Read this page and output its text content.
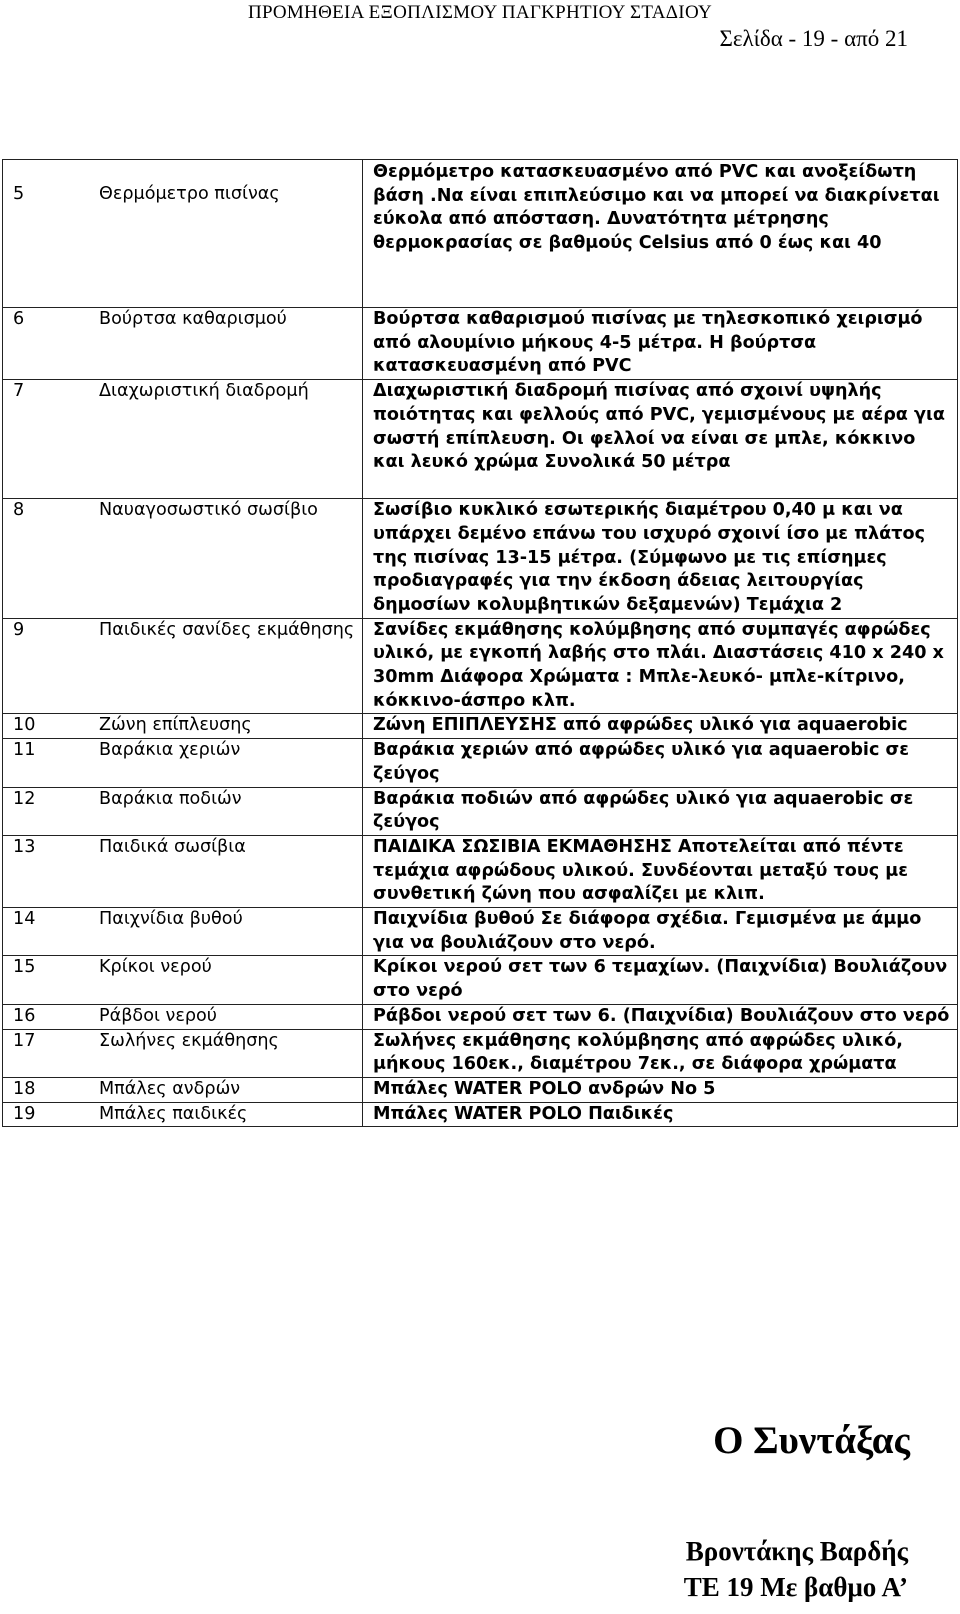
ΠΡΟΜΗΘΕΙΑ ΕΞΟΠΛΙΣΜΟΥ ΠΑΓΚΡΗΤΙΟΥ ΣΤΑΔΙΟΥ
Σελίδα - 19 - από 21
5	Θερμόμετρο πισίνας	Θερμόμετρο κατασκευασμένο από PVC και ανοξείδωτη βάση .Να είναι επιπλεύσιμο και να μπορεί να διακρίνεται εύκολα από απόσταση. Δυνατότητα μέτρησης θερμοκρασίας σε βαθμούς Celsius από 0 έως και 40
6	Βούρτσα καθαρισμού	Βούρτσα καθαρισμού πισίνας με τηλεσκοπικό χειρισμό από αλουμίνιο μήκους 4-5 μέτρα. Η βούρτσα κατασκευασμένη από PVC
7	Διαχωριστική διαδρομή	Διαχωριστική διαδρομή πισίνας από σχοινί υψηλής ποιότητας και φελλούς από PVC, γεμισμένους με αέρα για σωστή επίπλευση. Οι φελλοί να είναι σε μπλε, κόκκινο και λευκό χρώμα Συνολικά 50 μέτρα
8	Ναυαγοσωστικό σωσίβιο	Σωσίβιο κυκλικό εσωτερικής διαμέτρου 0,40 μ και να υπάρχει δεμένο επάνω του ισχυρό σχοινί ίσο με πλάτος της πισίνας 13-15 μέτρα. (Σύμφωνο με τις επίσημες προδιαγραφές για την έκδοση άδειας λειτουργίας δημοσίων κολυμβητικών δεξαμενών) Τεμάχια 2
9	Παιδικές σανίδες εκμάθησης	Σανίδες εκμάθησης κολύμβησης από συμπαγές αφρώδες υλικό, με εγκοπή λαβής στο πλάι. Διαστάσεις 410 x 240 x 30mm Διάφορα Χρώματα : Μπλε-λευκό- μπλε-κίτρινο, κόκκινο-άσπρο κλπ.
10	Ζώνη επίπλευσης	Ζώνη ΕΠΙΠΛΕΥΣΗΣ από αφρώδες υλικό για aquaerobic
11	Βαράκια χεριών	Βαράκια χεριών από αφρώδες υλικό για aquaerobic σε ζεύγος
12	Βαράκια ποδιών	Βαράκια ποδιών από αφρώδες υλικό για aquaerobic σε ζεύγος
13	Παιδικά σωσίβια	ΠΑΙΔΙΚΑ ΣΩΣΙΒΙΑ ΕΚΜΑΘΗΣΗΣ Αποτελείται από πέντε τεμάχια αφρώδους υλικού. Συνδέονται μεταξύ τους με συνθετική ζώνη που ασφαλίζει με κλιπ.
14	Παιχνίδια βυθού	Παιχνίδια βυθού Σε διάφορα σχέδια. Γεμισμένα με άμμο για να βουλιάζουν στο νερό.
15	Κρίκοι νερού	Κρίκοι νερού σετ των 6 τεμαχίων. (Παιχνίδια) Βουλιάζουν στο νερό
16	Ράβδοι νερού	Ράβδοι νερού σετ των 6. (Παιχνίδια) Βουλιάζουν στο νερό
17	Σωλήνες εκμάθησης	Σωλήνες εκμάθησης κολύμβησης από αφρώδες υλικό, μήκους 160εκ., διαμέτρου 7εκ., σε διάφορα χρώματα
18	Μπάλες ανδρών	Μπάλες WATER POLO ανδρών No 5
19	Μπάλες παιδικές	Μπάλες WATER POLO Παιδικές
Ο Συντάξας
Βροντάκης Βαρδής
ΤΕ 19 Με βαθμο Α’
